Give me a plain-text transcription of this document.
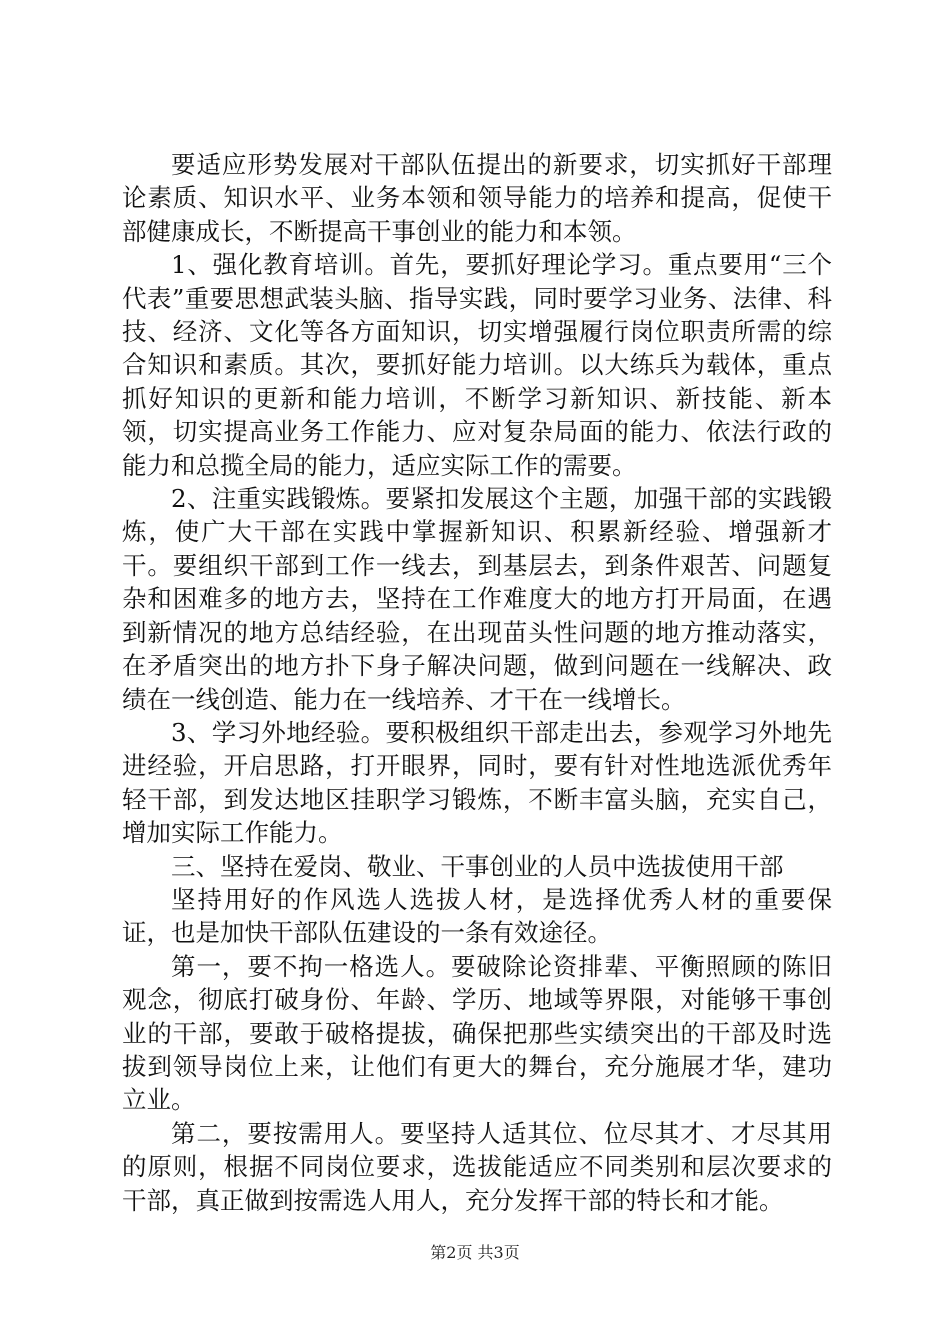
要适应形势发展对干部队伍提出的新要求，切实抓好干部理论素质、知识水平、业务本领和领导能力的培养和提高，促使干部健康成长，不断提高干事创业的能力和本领。

1、强化教育培训。首先，要抓好理论学习。重点要用“三个代表”重要思想武装头脑、指导实践，同时要学习业务、法律、科技、经济、文化等各方面知识，切实增强履行岗位职责所需的综合知识和素质。其次，要抓好能力培训。以大练兵为载体，重点抓好知识的更新和能力培训，不断学习新知识、新技能、新本领，切实提高业务工作能力、应对复杂局面的能力、依法行政的能力和总揽全局的能力，适应实际工作的需要。

2、注重实践锻炼。要紧扣发展这个主题，加强干部的实践锻炼，使广大干部在实践中掌握新知识、积累新经验、增强新才干。要组织干部到工作一线去，到基层去，到条件艰苦、问题复杂和困难多的地方去，坚持在工作难度大的地方打开局面，在遇到新情况的地方总结经验，在出现苗头性问题的地方推动落实，在矛盾突出的地方扑下身子解决问题，做到问题在一线解决、政绩在一线创造、能力在一线培养、才干在一线增长。

3、学习外地经验。要积极组织干部走出去，参观学习外地先进经验，开启思路，打开眼界，同时，要有针对性地选派优秀年轻干部，到发达地区挂职学习锻炼，不断丰富头脑，充实自己，增加实际工作能力。

三、坚持在爱岗、敬业、干事创业的人员中选拔使用干部

坚持用好的作风选人选拔人材，是选择优秀人材的重要保证，也是加快干部队伍建设的一条有效途径。

第一，要不拘一格选人。要破除论资排辈、平衡照顾的陈旧观念，彻底打破身份、年龄、学历、地域等界限，对能够干事创业的干部，要敢于破格提拔，确保把那些实绩突出的干部及时选拔到领导岗位上来，让他们有更大的舞台，充分施展才华，建功立业。

第二，要按需用人。要坚持人适其位、位尽其才、才尽其用的原则，根据不同岗位要求，选拔能适应不同类别和层次要求的干部，真正做到按需选人用人，充分发挥干部的特长和才能。

第2页 共3页
